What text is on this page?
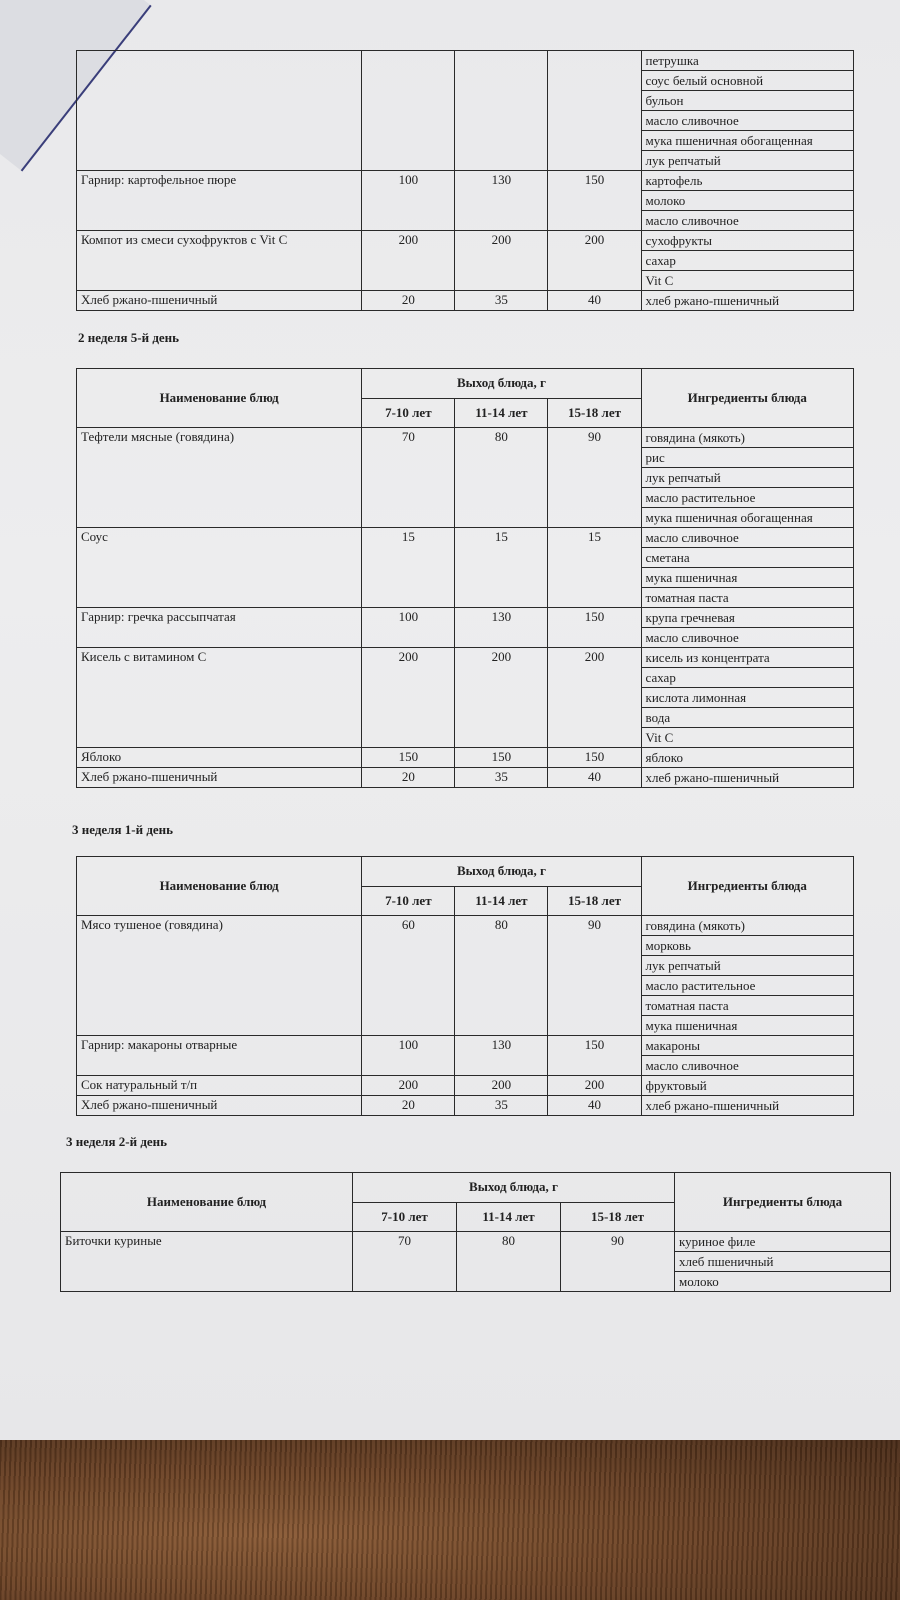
петрушка
соус белый основной
бульон
масло сливочное
мука пшеничная обогащенная
лук репчатый

Гарнир: картофельное пюре	100	130	150	картофель
молоко
масло сливочное

Компот из смеси сухофруктов с Vit C	200	200	200	сухофрукты
сахар
Vit C

Хлеб ржано-пшеничный	20	35	40	хлеб ржано-пшеничный
2 неделя 5-й день
Наименование блюд	Выход блюда, г			Ингредиенты блюда
	7-10 лет	11-14 лет	15-18 лет	
Тефтели мясные (говядина)	70	80	90	говядина (мякоть)
рис
лук репчатый
масло растительное
мука пшеничная обогащенная

Соус	15	15	15	масло сливочное
сметана
мука пшеничная
томатная паста

Гарнир: гречка рассыпчатая	100	130	150	крупа гречневая
масло сливочное

Кисель с витамином С	200	200	200	кисель из концентрата
сахар
кислота лимонная
вода
Vit C

Яблоко	150	150	150	яблоко

Хлеб ржано-пшеничный	20	35	40	хлеб ржано-пшеничный
3 неделя 1-й день
Наименование блюд	Выход блюда, г			Ингредиенты блюда
	7-10 лет	11-14 лет	15-18 лет	
Мясо тушеное (говядина)	60	80	90	говядина (мякоть)
морковь
лук репчатый
масло растительное
томатная паста
мука пшеничная

Гарнир: макароны отварные	100	130	150	макароны
масло сливочное

Сок натуральный т/п	200	200	200	фруктовый

Хлеб ржано-пшеничный	20	35	40	хлеб ржано-пшеничный
3 неделя 2-й день
Наименование блюд	Выход блюда, г			Ингредиенты блюда
	7-10 лет	11-14 лет	15-18 лет	
Биточки куриные	70	80	90	куриное филе
хлеб пшеничный
молоко
